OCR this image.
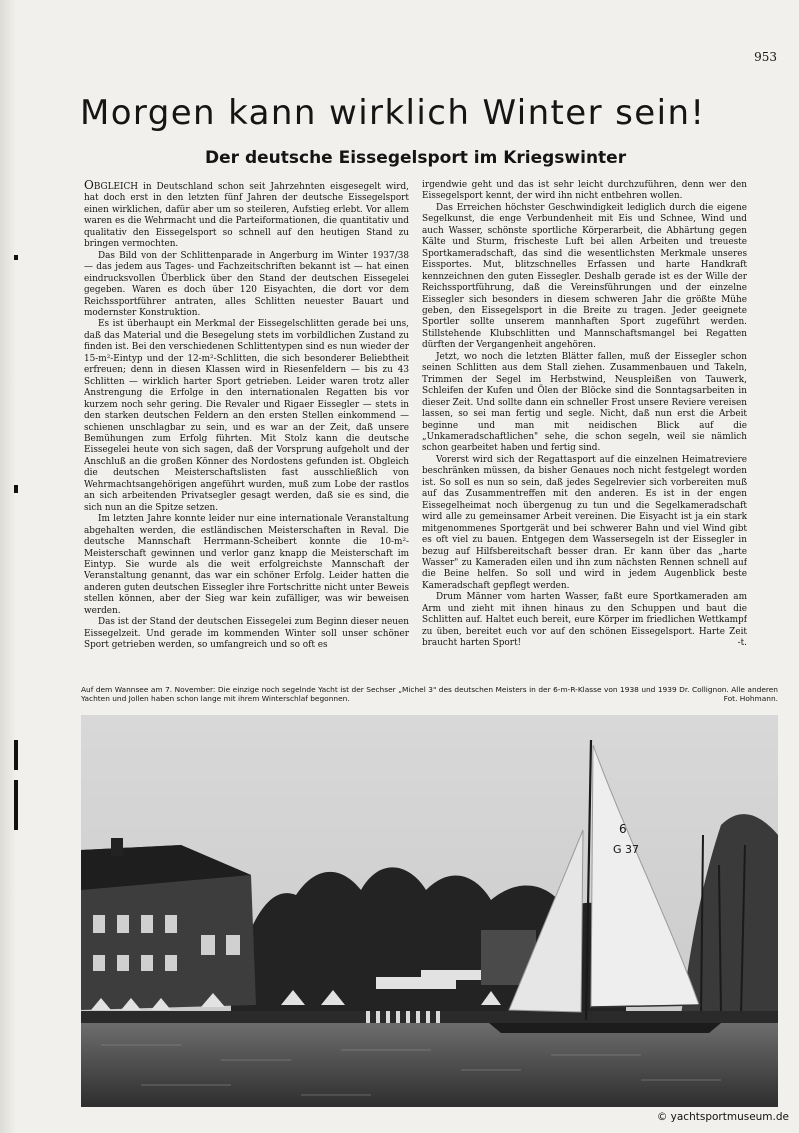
953
Morgen kann wirklich Winter sein!
Der deutsche Eissegelsport im Kriegswinter

OBGLEICH in Deutschland schon seit Jahrzehnten eisgesegelt wird, hat doch erst in den letzten fünf Jahren der deutsche Eissegelsport einen wirklichen, dafür aber um so steileren, Aufstieg erlebt. Vor allem waren es die Wehrmacht und die Parteiformationen, die quantitativ und qualitativ den Eissegelsport so schnell auf den heutigen Stand zu bringen vermochten.

Das Bild von der Schlittenparade in Angerburg im Winter 1937/38 — das jedem aus Tages- und Fachzeitschriften bekannt ist — hat einen eindrucksvollen Überblick über den Stand der deutschen Eissegelei gegeben. Waren es doch über 120 Eisyachten, die dort vor dem Reichssportführer antraten, alles Schlitten neuester Bauart und modernster Konstruktion.

Es ist überhaupt ein Merkmal der Eissegelschlitten gerade bei uns, daß das Material und die Besegelung stets im vorbildlichen Zustand zu finden ist. Bei den verschiedenen Schlittentypen sind es nun wieder der 15-m²-Eintyp und der 12-m²-Schlitten, die sich besonderer Beliebtheit erfreuen; denn in diesen Klassen wird in Riesenfeldern — bis zu 43 Schlitten — wirklich harter Sport getrieben. Leider waren trotz aller Anstrengung die Erfolge in den internationalen Regatten bis vor kurzem noch sehr gering. Die Revaler und Rigaer Eissegler — stets in den starken deutschen Feldern an den ersten Stellen einkommend — schienen unschlagbar zu sein, und es war an der Zeit, daß unsere Bemühungen zum Erfolg führten. Mit Stolz kann die deutsche Eissegelei heute von sich sagen, daß der Vorsprung aufgeholt und der Anschluß an die großen Könner des Nordostens gefunden ist. Obgleich die deutschen Meisterschaftslisten fast ausschließlich von Wehrmachtsangehörigen angeführt wurden, muß zum Lobe der rastlos an sich arbeitenden Privatsegler gesagt werden, daß sie es sind, die sich nun an die Spitze setzen.

Im letzten Jahre konnte leider nur eine internationale Veranstaltung abgehalten werden, die estländischen Meisterschaften in Reval. Die deutsche Mannschaft Herrmann-Scheibert konnte die 10-m²-Meisterschaft gewinnen und verlor ganz knapp die Meisterschaft im Eintyp. Sie wurde als die weit erfolgreichste Mannschaft der Veranstaltung genannt, das war ein schöner Erfolg. Leider hatten die anderen guten deutschen Eissegler ihre Fortschritte nicht unter Beweis stellen können, aber der Sieg war kein zufälliger, was wir beweisen werden.

Das ist der Stand der deutschen Eissegelei zum Beginn dieser neuen Eissegelzeit. Und gerade im kommenden Winter soll unser schöner Sport getrieben werden, so umfangreich und so oft es

irgendwie geht und das ist sehr leicht durchzuführen, denn wer den Eissegelsport kennt, der wird ihn nicht entbehren wollen.

Das Erreichen höchster Geschwindigkeit lediglich durch die eigene Segelkunst, die enge Verbundenheit mit Eis und Schnee, Wind und auch Wasser, schönste sportliche Körperarbeit, die Abhärtung gegen Kälte und Sturm, frischeste Luft bei allen Arbeiten und treueste Sportkameradschaft, das sind die wesentlichsten Merkmale unseres Eissportes. Mut, blitzschnelles Erfassen und harte Handkraft kennzeichnen den guten Eissegler. Deshalb gerade ist es der Wille der Reichssportführung, daß die Vereinsführungen und der einzelne Eissegler sich besonders in diesem schweren Jahr die größte Mühe geben, den Eissegelsport in die Breite zu tragen. Jeder geeignete Sportler sollte unserem mannhaften Sport zugeführt werden. Stillstehende Klubschlitten und Mannschaftsmangel bei Regatten dürften der Vergangenheit angehören.

Jetzt, wo noch die letzten Blätter fallen, muß der Eissegler schon seinen Schlitten aus dem Stall ziehen. Zusammenbauen und Takeln, Trimmen der Segel im Herbstwind, Neuspleißen von Tauwerk, Schleifen der Kufen und Ölen der Blöcke sind die Sonntagsarbeiten in dieser Zeit. Und sollte dann ein schneller Frost unsere Reviere vereisen lassen, so sei man fertig und segle. Nicht, daß nun erst die Arbeit beginne und man mit neidischen Blick auf die „Unkameradschaftlichen" sehe, die schon segeln, weil sie nämlich schon gearbeitet haben und fertig sind.

Vorerst wird sich der Regattasport auf die einzelnen Heimatreviere beschränken müssen, da bisher Genaues noch nicht festgelegt worden ist. So soll es nun so sein, daß jedes Segelrevier sich vorbereiten muß auf das Zusammentreffen mit den anderen. Es ist in der engen Eissegelheimat noch übergenug zu tun und die Segelkameradschaft wird alle zu gemeinsamer Arbeit vereinen. Die Eisyacht ist ja ein stark mitgenommenes Sportgerät und bei schwerer Bahn und viel Wind gibt es oft viel zu bauen. Entgegen dem Wassersegeln ist der Eissegler in bezug auf Hilfsbereitschaft besser dran. Er kann über das „harte Wasser" zu Kameraden eilen und ihn zum nächsten Rennen schnell auf die Beine helfen. So soll und wird in jedem Augenblick beste Kameradschaft gepflegt werden.

Drum Männer vom harten Wasser, faßt eure Sportkameraden am Arm und zieht mit ihnen hinaus zu den Schuppen und baut die Schlitten auf. Haltet euch bereit, eure Körper im friedlichen Wettkampf zu üben, bereitet euch vor auf den schönen Eissegelsport. Harte Zeit braucht harten Sport!	-t.

Auf dem Wannsee am 7. November: Die einzige noch segelnde Yacht ist der Sechser „Michel 3" des deutschen Meisters in der 6-m-R-Klasse von 1938 und 1939 Dr. Collignon. Alle anderen Yachten und Jollen haben schon lange mit ihrem Winterschlaf begonnen.	Fot. Hohmann.
6
G 37
© yachtsportmuseum.de
